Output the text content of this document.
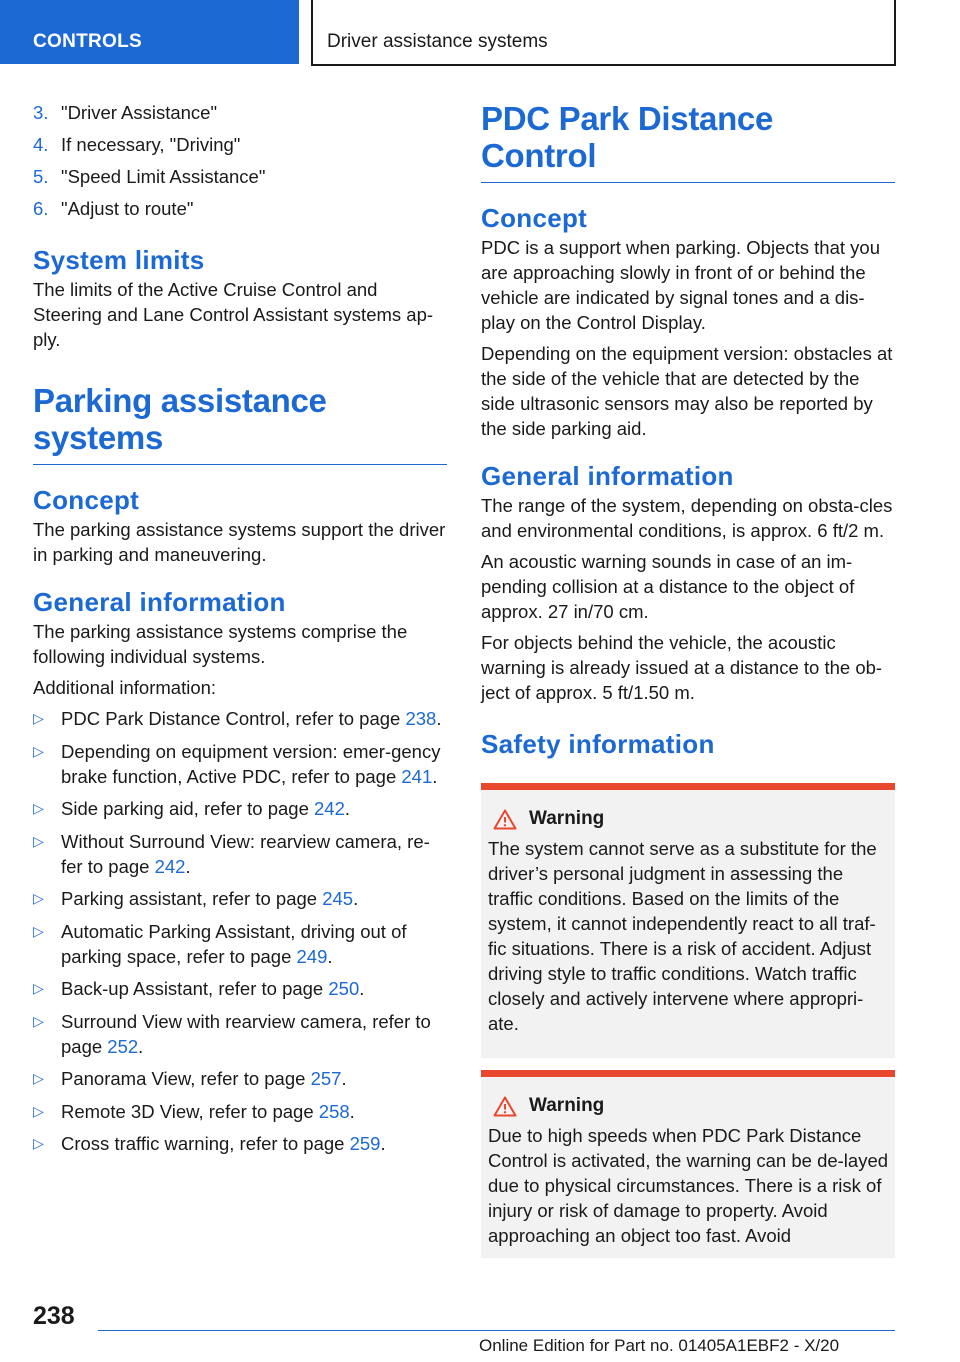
CONTROLS	Driver assistance systems
3. "Driver Assistance"
4. If necessary, "Driving"
5. "Speed Limit Assistance"
6. "Adjust to route"
System limits
The limits of the Active Cruise Control and Steering and Lane Control Assistant systems ap-ply.
Parking assistance systems
Concept
The parking assistance systems support the driver in parking and maneuvering.
General information
The parking assistance systems comprise the following individual systems.
Additional information:
▷ PDC Park Distance Control, refer to page 238.
▷ Depending on equipment version: emer-gency brake function, Active PDC, refer to page 241.
▷ Side parking aid, refer to page 242.
▷ Without Surround View: rearview camera, re-fer to page 242.
▷ Parking assistant, refer to page 245.
▷ Automatic Parking Assistant, driving out of parking space, refer to page 249.
▷ Back-up Assistant, refer to page 250.
▷ Surround View with rearview camera, refer to page 252.
▷ Panorama View, refer to page 257.
▷ Remote 3D View, refer to page 258.
▷ Cross traffic warning, refer to page 259.
PDC Park Distance Control
Concept
PDC is a support when parking. Objects that you are approaching slowly in front of or behind the vehicle are indicated by signal tones and a dis-play on the Control Display.
Depending on the equipment version: obstacles at the side of the vehicle that are detected by the side ultrasonic sensors may also be reported by the side parking aid.
General information
The range of the system, depending on obsta-cles and environmental conditions, is approx. 6 ft/2 m.
An acoustic warning sounds in case of an im-pending collision at a distance to the object of approx. 27 in/70 cm.
For objects behind the vehicle, the acoustic warning is already issued at a distance to the ob-ject of approx. 5 ft/1.50 m.
Safety information
Warning
The system cannot serve as a substitute for the driver’s personal judgment in assessing the traffic conditions. Based on the limits of the system, it cannot independently react to all traf-fic situations. There is a risk of accident. Adjust driving style to traffic conditions. Watch traffic closely and actively intervene where appropri-ate.
Warning
Due to high speeds when PDC Park Distance Control is activated, the warning can be de-layed due to physical circumstances. There is a risk of injury or risk of damage to property. Avoid approaching an object too fast. Avoid
238
Online Edition for Part no. 01405A1EBF2 - X/20
